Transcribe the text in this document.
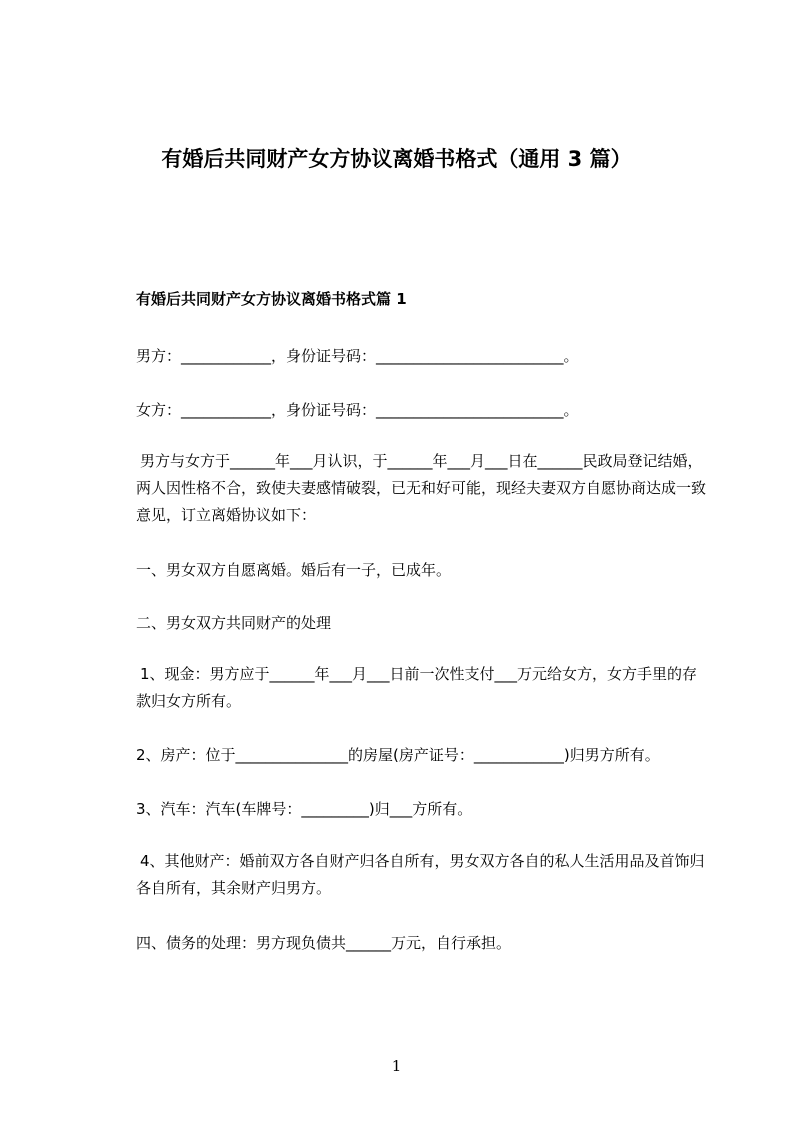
有婚后共同财产女方协议离婚书格式（通用 3 篇）
有婚后共同财产女方协议离婚书格式篇 1
男方：____________，身份证号码：_________________________。
女方：____________，身份证号码：_________________________。
男方与女方于______年___月认识，于______年___月___日在______民政局登记结婚，两人因性格不合，致使夫妻感情破裂，已无和好可能，现经夫妻双方自愿协商达成一致意见，订立离婚协议如下：
一、男女双方自愿离婚。婚后有一子，已成年。
二、男女双方共同财产的处理
1、现金：男方应于______年___月___日前一次性支付___万元给女方，女方手里的存款归女方所有。
2、房产：位于_______________的房屋(房产证号：____________)归男方所有。
3、汽车：汽车(车牌号：_________)归___方所有。
4、其他财产：婚前双方各自财产归各自所有，男女双方各自的私人生活用品及首饰归各自所有，其余财产归男方。
四、债务的处理：男方现负债共______万元，自行承担。
1
